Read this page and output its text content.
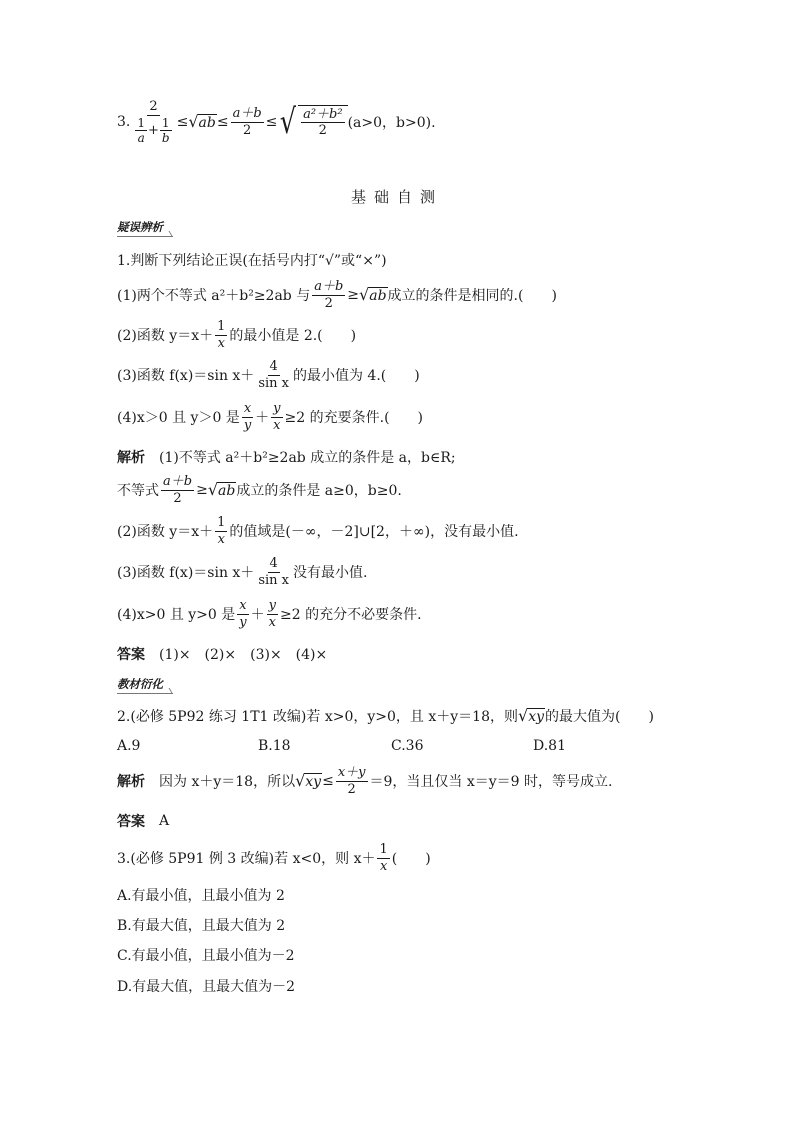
3. $\frac{2}{\frac{1}{a} + \frac{1}{b}}$ ≤ √ ab ≤ $\frac{a+b}{2}$ ≤ √ a²＋b²
2 (a>0，b>0).
基础自测
疑误辨析
1.判断下列结论正误(在括号内打“√”或“×”)
(1)两个不等式 a²＋b²≥2ab 与 $\frac{a+b}{2}$ ≥ √ ab 成立的条件是相同的.(　　)
(2)函数 y＝x＋
1
x 的最小值是 2.(　　)
(3)函数 f(x)＝sin x＋
4
sin x 的最小值为 4.(　　)
(4)x＞0 且 y＞0 是
x
$y + \frac{y}{x} \ge 2$ 的充要条件.(　　)
解析 (1)不等式 a²＋b²≥2ab 成立的条件是 a，b∈R;
不等式 $\frac{a+b}{2}$ ≥ √ ab 成立的条件是 a≥0，b≥0.
(2)函数 y＝x＋
1
x 的值域是(－∞，－2]∪[2，＋∞)，没有最小值.
(3)函数 f(x)＝sin x＋
4
sin x 没有最小值.
(4)x>0 且 y>0 是
x
$y + \frac{y}{x} \ge 2$ 的充分不必要条件.
答案 (1)×　(2)×　(3)×　(4)×
教材衍化
2.(必修 5P92 练习 1T1 改编)若 x>0，y>0，且 x＋y＝18，则 √ xy 的最大值为(　　)
A.9	B.18	C.36	D.81
解析 因为 x＋y＝18，所以 √ xy ≤ $\frac{x+y}{2} =9$，当且仅当 x＝y＝9 时，等号成立.
答案 A
3.(必修 5P91 例 3 改编)若 x<0，则 x＋
1
x (　　)
A.有最小值，且最小值为 2
B.有最大值，且最大值为 2
C.有最小值，且最小值为－2
D.有最大值，且最大值为－2
